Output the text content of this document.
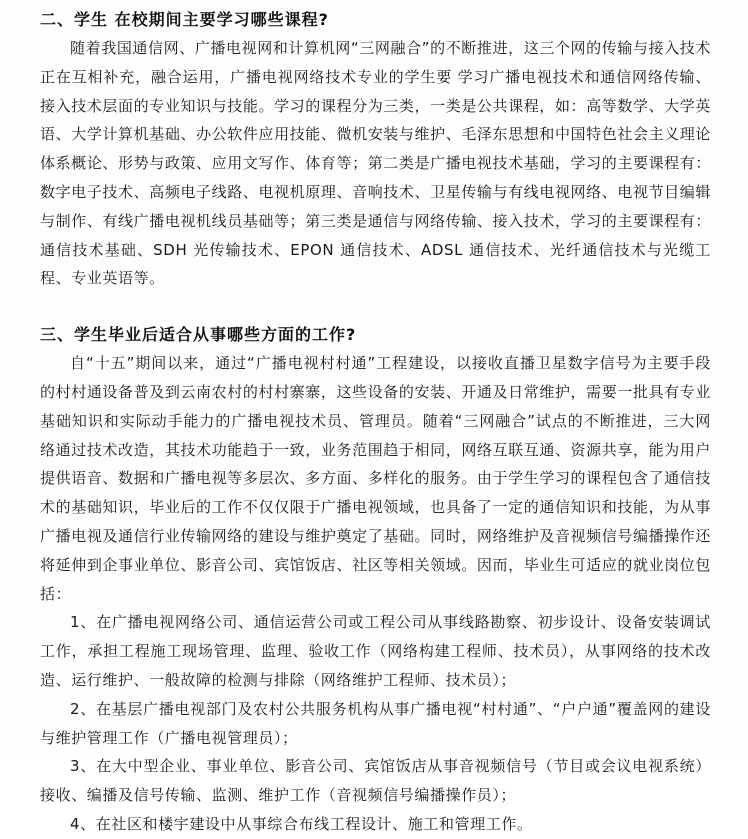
二、学生 在校期间主要学习哪些课程?

随着我国通信网、广播电视网和计算机网“三网融合”的不断推进，这三个网的传输与接入技术正在互相补充，融合运用，广播电视网络技术专业的学生要 学习广播电视技术和通信网络传输、接入技术层面的专业知识与技能。学习的课程分为三类，一类是公共课程，如：高等数学、大学英语、大学计算机基础、办公软件应用技能、微机安装与维护、毛泽东思想和中国特色社会主义理论体系概论、形势与政策、应用文写作、体育等；第二类是广播电视技术基础，学习的主要课程有：数字电子技术、高频电子线路、电视机原理、音响技术、卫星传输与有线电视网络、电视节目编辑与制作、有线广播电视机线员基础等；第三类是通信与网络传输、接入技术，学习的主要课程有：通信技术基础、SDH 光传输技术、EPON 通信技术、ADSL 通信技术、光纤通信技术与光缆工程、专业英语等。

三、学生毕业后适合从事哪些方面的工作?

自“十五”期间以来，通过“广播电视村村通”工程建设，以接收直播卫星数字信号为主要手段的村村通设备普及到云南农村的村村寨寨，这些设备的安装、开通及日常维护，需要一批具有专业基础知识和实际动手能力的广播电视技术员、管理员。随着“三网融合”试点的不断推进，三大网络通过技术改造，其技术功能趋于一致，业务范围趋于相同，网络互联互通、资源共享，能为用户提供语音、数据和广播电视等多层次、多方面、多样化的服务。由于学生学习的课程包含了通信技术的基础知识，毕业后的工作不仅仅限于广播电视领域，也具备了一定的通信知识和技能，为从事广播电视及通信行业传输网络的建设与维护奠定了基础。同时，网络维护及音视频信号编播操作还将延伸到企事业单位、影音公司、宾馆饭店、社区等相关领域。因而，毕业生可适应的就业岗位包括：

1、在广播电视网络公司、通信运营公司或工程公司从事线路勘察、初步设计、设备安装调试工作，承担工程施工现场管理、监理、验收工作（网络构建工程师、技术员），从事网络的技术改造、运行维护、一般故障的检测与排除（网络维护工程师、技术员）；

2、在基层广播电视部门及农村公共服务机构从事广播电视“村村通”、“户户通”覆盖网的建设与维护管理工作（广播电视管理员）；

3、在大中型企业、事业单位、影音公司、宾馆饭店从事音视频信号（节目或会议电视系统）接收、编播及信号传输、监测、维护工作（音视频信号编播操作员）；

4、在社区和楼宇建设中从事综合布线工程设计、施工和管理工作。
